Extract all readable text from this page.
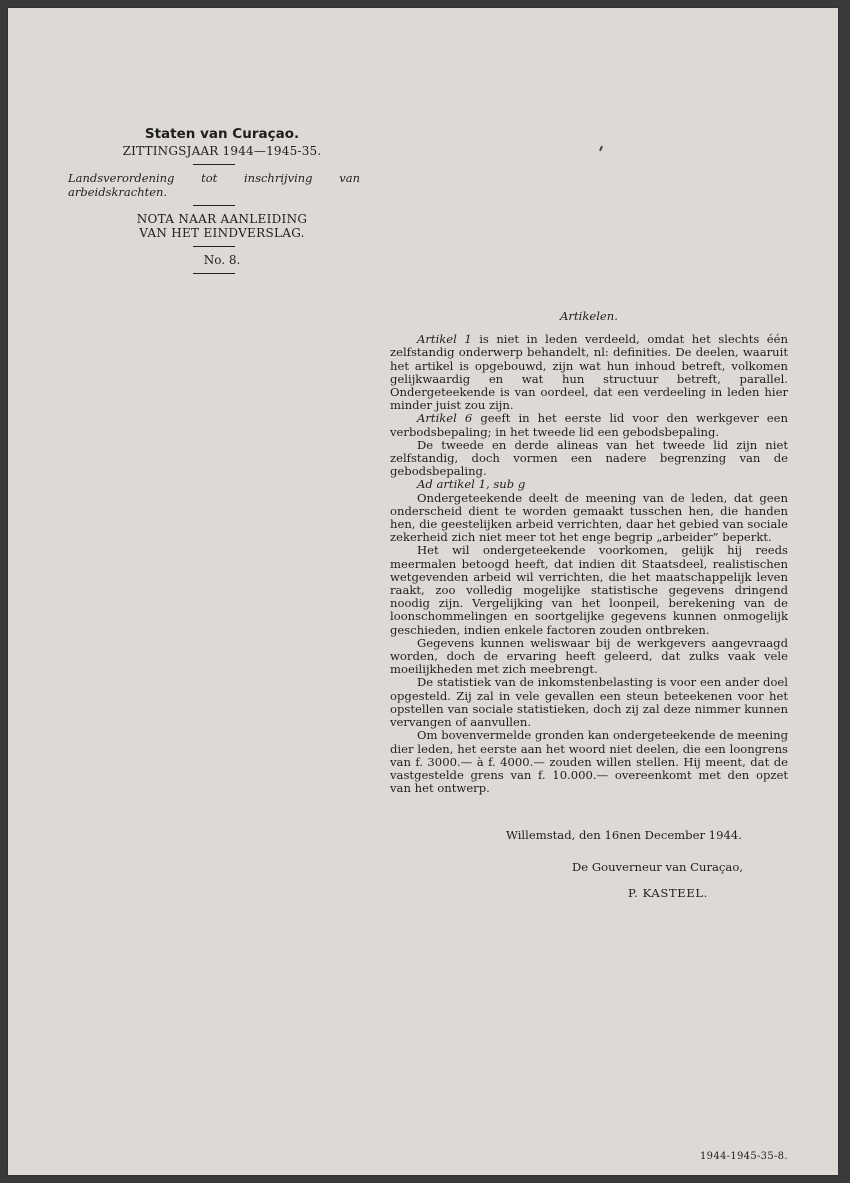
Staten van Curaçao.
ZITTINGSJAAR 1944—1945-35.

Landsverordening tot inschrijving van arbeidskrachten.

NOTA NAAR AANLEIDING
VAN HET EINDVERSLAG.
No. 8.
Artikelen.

Artikel 1 is niet in leden verdeeld, omdat het slechts één zelfstandig onderwerp behandelt, nl: definities. De deelen, waaruit het artikel is opgebouwd, zijn wat hun inhoud betreft, volkomen gelijkwaardig en wat hun structuur betreft, parallel. Ondergeteekende is van oordeel, dat een verdeeling in leden hier minder juist zou zijn.

Artikel 6 geeft in het eerste lid voor den werkgever een verbodsbepaling; in het tweede lid een gebodsbepaling.

De tweede en derde alineas van het tweede lid zijn niet zelfstandig, doch vormen een nadere begrenzing van de gebodsbepaling.

Ad artikel 1, sub g

Ondergeteekende deelt de meening van de leden, dat geen onderscheid dient te worden gemaakt tusschen hen, die handen hen, die geestelijken arbeid verrichten, daar het gebied van sociale zekerheid zich niet meer tot het enge begrip „arbeider” beperkt.

Het wil ondergeteekende voorkomen, gelijk hij reeds meermalen betoogd heeft, dat indien dit Staatsdeel, realistischen wetgevenden arbeid wil verrichten, die het maatschappelijk leven raakt, zoo volledig mogelijke statistische gegevens dringend noodig zijn. Vergelijking van het loonpeil, berekening van de loonschommelingen en soortgelijke gegevens kunnen onmogelijk geschieden, indien enkele factoren zouden ontbreken.

Gegevens kunnen weliswaar bij de werkgevers aangevraagd worden, doch de ervaring heeft geleerd, dat zulks vaak vele moeilijkheden met zich meebrengt.

De statistiek van de inkomstenbelasting is voor een ander doel opgesteld. Zij zal in vele gevallen een steun beteekenen voor het opstellen van sociale statistieken, doch zij zal deze nimmer kunnen vervangen of aanvullen.

Om bovenvermelde gronden kan ondergeteekende de meening dier leden, het eerste aan het woord niet deelen, die een loongrens van f. 3000.— à f. 4000.— zouden willen stellen. Hij meent, dat de vastgestelde grens van f. 10.000.— overeenkomt met den opzet van het ontwerp.

Willemstad, den 16nen December 1944.
De Gouverneur van Curaçao,
P. KASTEEL.
1944-1945-35-8.
